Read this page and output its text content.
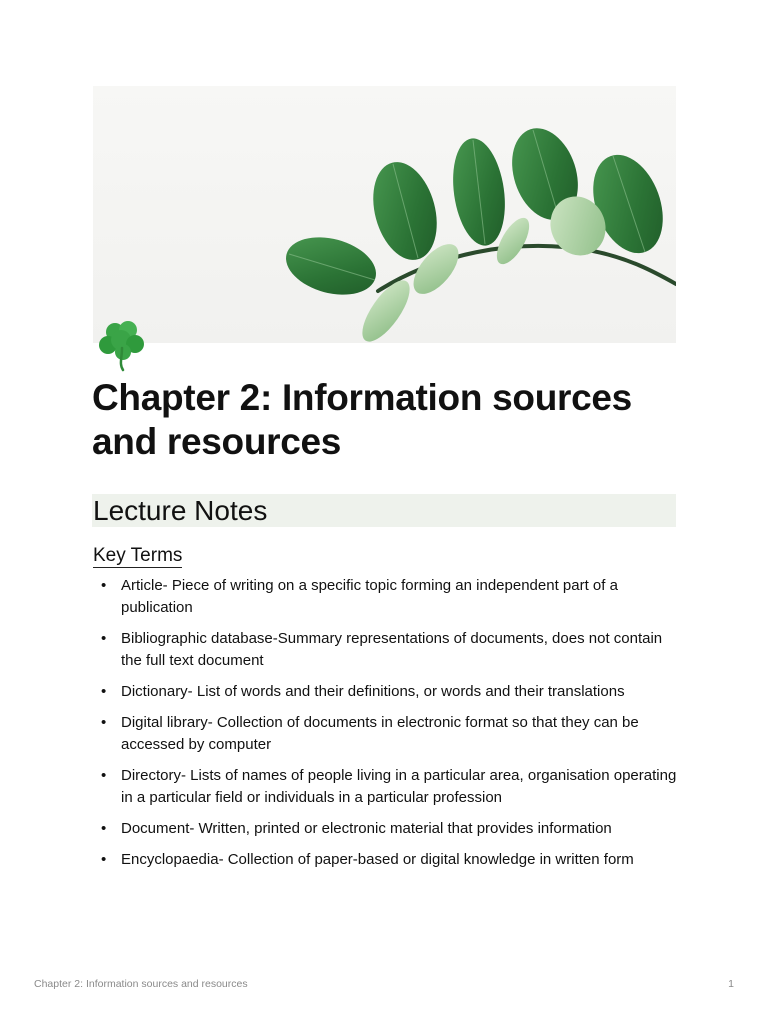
Chapter 2: Information sources and resources
Lecture Notes
Key Terms
• Article- Piece of writing on a specific topic forming an independent part of a publication
• Bibliographic database-Summary representations of documents, does not contain the full text document
• Dictionary- List of words and their definitions, or words and their translations
• Digital library- Collection of documents in electronic format so that they can be accessed by computer
• Directory- Lists of names of people living in a particular area, organisation operating in a particular field or individuals in a particular profession
• Document- Written, printed or electronic material that provides information
• Encyclopaedia- Collection of paper-based or digital knowledge in written form
Chapter 2: Information sources and resources	1
